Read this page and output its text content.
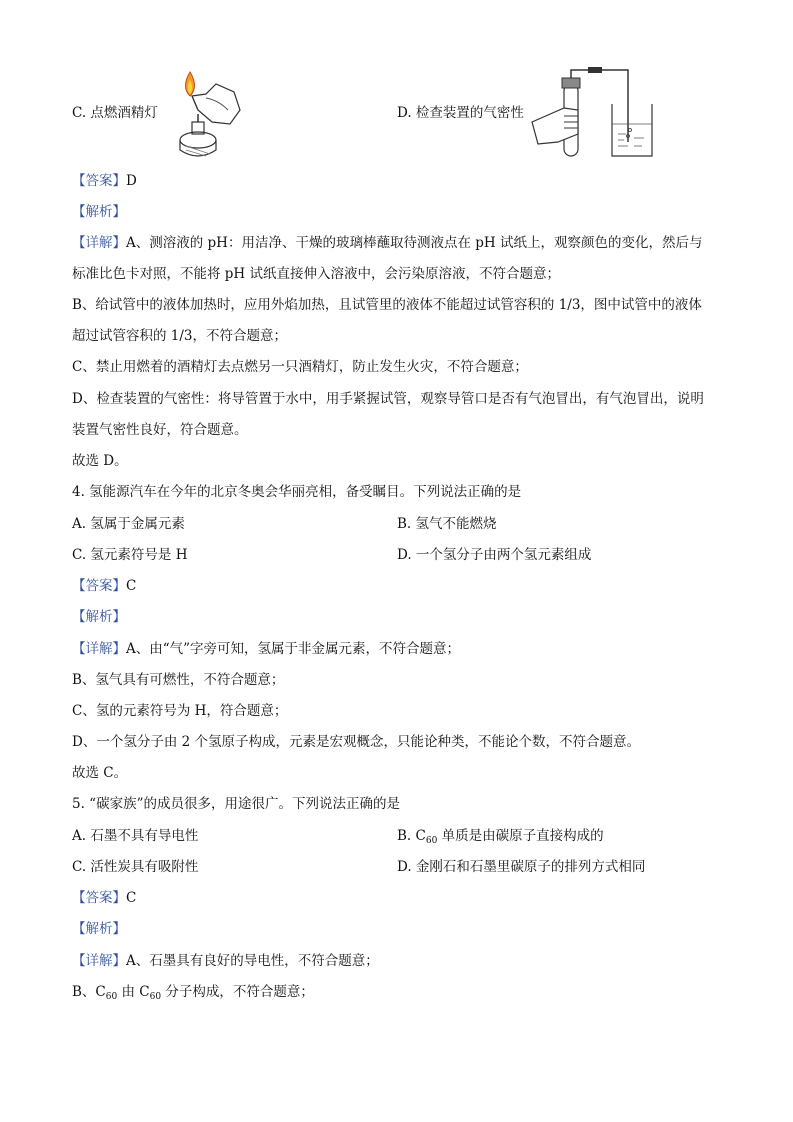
C. 点燃酒精灯	D. 检查装置的气密性
【答案】D
【解析】
【详解】A、测溶液的 pH：用洁净、干燥的玻璃棒蘸取待测液点在 pH 试纸上，观察颜色的变化，然后与
标准比色卡对照，不能将 pH 试纸直接伸入溶液中，会污染原溶液，不符合题意；
B、给试管中的液体加热时，应用外焰加热，且试管里的液体不能超过试管容积的 1/3，图中试管中的液体
超过试管容积的 1/3，不符合题意；
C、禁止用燃着的酒精灯去点燃另一只酒精灯，防止发生火灾，不符合题意；
D、检查装置的气密性：将导管置于水中，用手紧握试管，观察导管口是否有气泡冒出，有气泡冒出，说明
装置气密性良好，符合题意。
故选 D。
4. 氢能源汽车在今年的北京冬奥会华丽亮相，备受瞩目。下列说法正确的是
A. 氢属于金属元素	B. 氢气不能燃烧
C. 氢元素符号是 H	D. 一个氢分子由两个氢元素组成
【答案】C
【解析】
【详解】A、由“气”字旁可知，氢属于非金属元素，不符合题意；
B、氢气具有可燃性，不符合题意；
C、氢的元素符号为 H，符合题意；
D、一个氢分子由 2 个氢原子构成，元素是宏观概念，只能论种类，不能论个数，不符合题意。
故选 C。
5. “碳家族”的成员很多，用途很广。下列说法正确的是
A. 石墨不具有导电性	B. $C_{60}$ 单质是由碳原子直接构成的
C. 活性炭具有吸附性	D. 金刚石和石墨里碳原子的排列方式相同
【答案】C
【解析】
【详解】A、石墨具有良好的导电性，不符合题意；
B、$C_{60}$ 由 $C_{60}$ 分子构成，不符合题意；
